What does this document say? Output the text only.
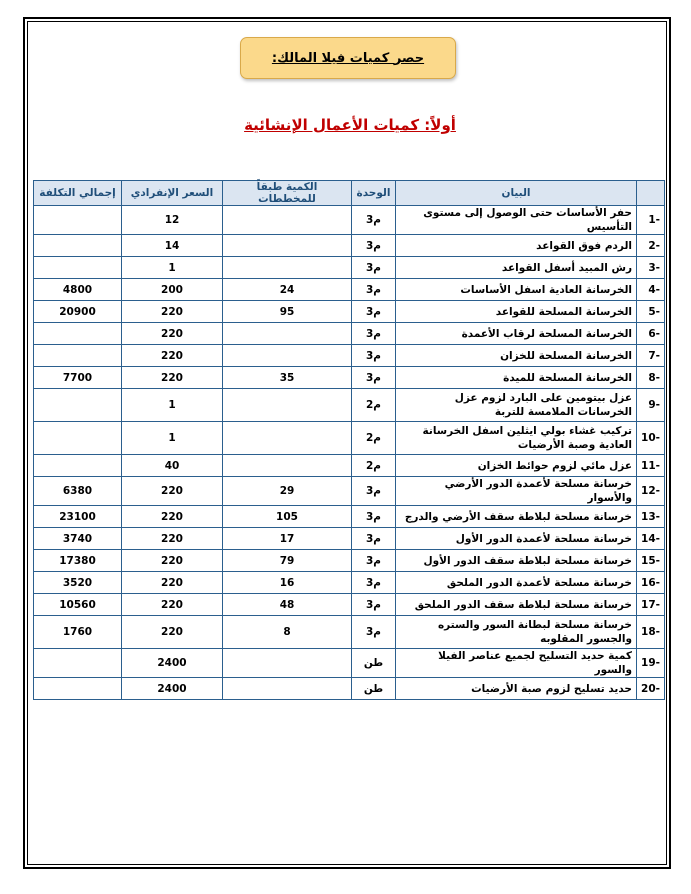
حصر كميات فيلا المالك:
أولاً: كميات الأعمال الإنشائية
	البيان	الوحدة	الكمية طبقاً للمخططات	السعر الإنفرادي	إجمالي التكلفة
1-	حفر الأساسات حتى الوصول إلى مستوى التأسيس	م3		12	
2-	الردم فوق القواعد	م3		14	
3-	رش المبيد أسفل القواعد	م3		1	
4-	الخرسانة العادية اسفل الأساسات	م3	24	200	4800
5-	الخرسانة المسلحة للقواعد	م3	95	220	20900
6-	الخرسانة المسلحة لرقاب الأعمدة	م3		220	
7-	الخرسانة المسلحة للخزان	م3		220	
8-	الخرسانة المسلحة للميدة	م3	35	220	7700
9-	عزل بيتومين على البارد لزوم عزل الخرسانات الملامسة للتربة	م2		1	
10-	تركيب غشاء بولي ايثلين اسفل الخرسانة العادية وصبة الأرضيات	م2		1	
11-	عزل مائي لزوم حوائط الخزان	م2		40	
12-	خرسانة مسلحة لأعمدة الدور الأرضي والأسوار	م3	29	220	6380
13-	خرسانة مسلحة لبلاطة سقف الأرضي والدرج	م3	105	220	23100
14-	خرسانة مسلحة لأعمدة الدور الأول	م3	17	220	3740
15-	خرسانة مسلحة لبلاطة سقف الدور الأول	م3	79	220	17380
16-	خرسانة مسلحة لأعمدة الدور الملحق	م3	16	220	3520
17-	خرسانة مسلحة لبلاطة سقف الدور الملحق	م3	48	220	10560
18-	خرسانة مسلحة لبطانة السور والستره والجسور المقلوبه	م3	8	220	1760
19-	كمية حديد التسليح لجميع عناصر الفيلا والسور	طن		2400	
20-	حديد تسليح لزوم صبة الأرضيات	طن		2400	
